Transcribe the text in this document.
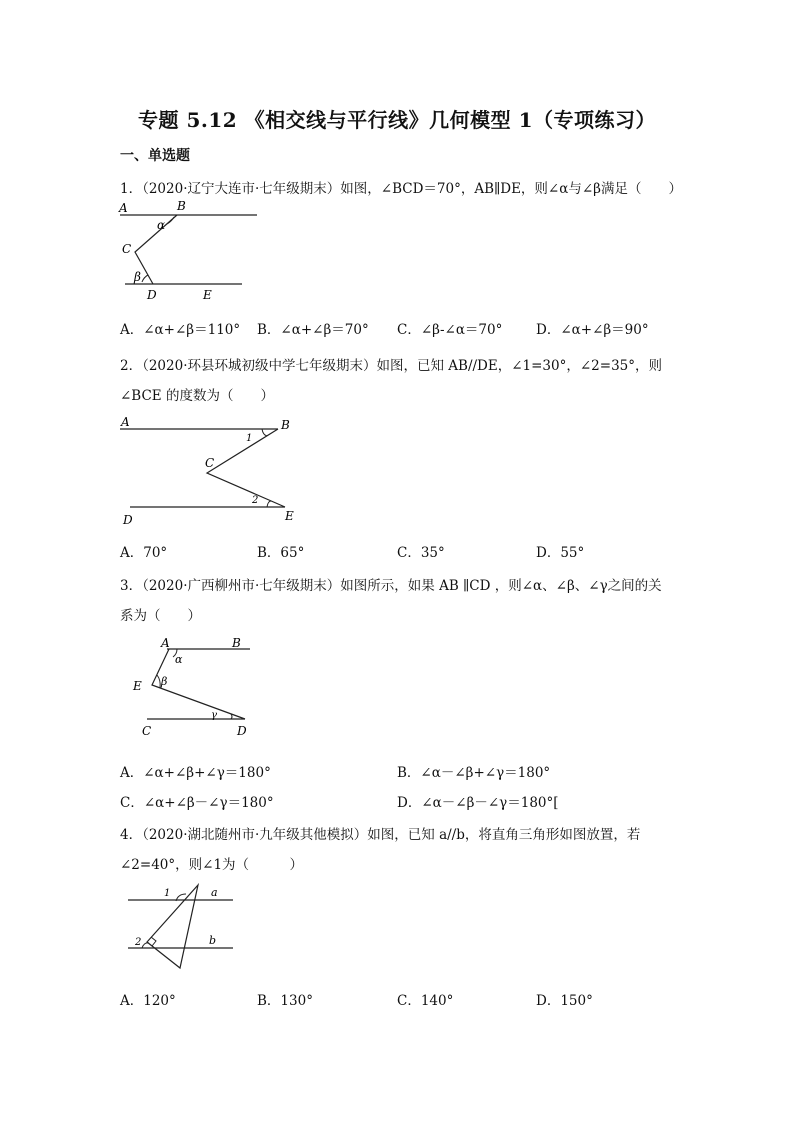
专题 5.12 《相交线与平行线》几何模型 1（专项练习）
一、单选题
1．（2020·辽宁大连市·七年级期末）如图，∠BCD＝70°，AB∥DE，则∠α与∠β满足（　　）
A	B
α
C
β
D	E
A．∠α+∠β＝110° B．∠α+∠β＝70° C．∠β-∠α＝70° D．∠α+∠β＝90°
2．（2020·环县环城初级中学七年级期末）如图，已知 AB//DE，∠1=30°，∠2=35°，则
∠BCE 的度数为（　　）
A	B
1
C
2
D	E
A．70°	B．65°	C．35°	D．55°
3．（2020·广西柳州市·七年级期末）如图所示，如果 AB ∥CD ，则∠α、∠β、∠γ之间的关
系为（　　）
A	B
α
E β
γ
C	D
A．∠α+∠β+∠γ＝180°	B．∠α－∠β+∠γ＝180°
C．∠α+∠β－∠γ＝180°	D．∠α－∠β－∠γ＝180°[
4．（2020·湖北随州市·九年级其他模拟）如图，已知 a//b，将直角三角形如图放置，若
∠2=40°，则∠1为（　　　）
1	a
2	b
A．120°	B．130°	C．140°	D．150°
